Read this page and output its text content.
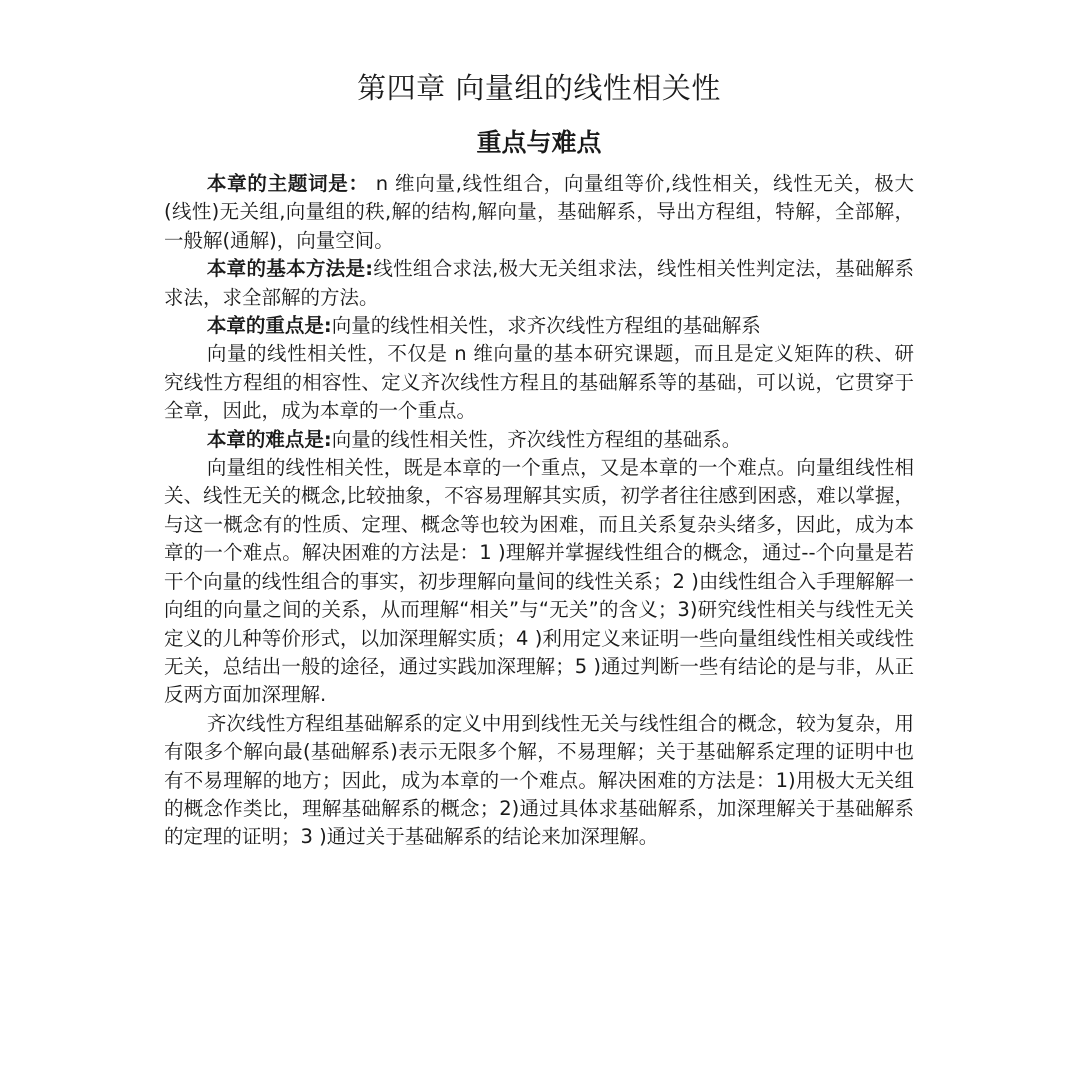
第四章 向量组的线性相关性
重点与难点

本章的主题词是： n 维向量,线性组合，向量组等价,线性相关，线性无关，极大(线性)无关组,向量组的秩,解的结构,解向量，基础解系，导出方程组，特解，全部解，一般解(通解)，向量空间。

本章的基本方法是:线性组合求法,极大无关组求法，线性相关性判定法，基础解系求法，求全部解的方法。

本章的重点是:向量的线性相关性，求齐次线性方程组的基础解系

向量的线性相关性，不仅是 n 维向量的基本研究课题，而且是定义矩阵的秩、研究线性方程组的相容性、定义齐次线性方程且的基础解系等的基础，可以说，它贯穿于全章，因此，成为本章的一个重点。

本章的难点是:向量的线性相关性，齐次线性方程组的基础系。

向量组的线性相关性，既是本章的一个重点，又是本章的一个难点。向量组线性相关、线性无关的概念,比较抽象，不容易理解其实质，初学者往往感到困惑，难以掌握，与这一概念有的性质、定理、概念等也较为困难，而且关系复杂头绪多，因此，成为本章的一个难点。解决困难的方法是：1 )理解并掌握线性组合的概念，通过--个向量是若干个向量的线性组合的事实，初步理解向量间的线性关系；2 )由线性组合入手理解解一向组的向量之间的关系，从而理解“相关”与“无关”的含义；3)研究线性相关与线性无关定义的儿种等价形式，以加深理解实质；4 )利用定义来证明一些向量组线性相关或线性无关，总结出一般的途径，通过实践加深理解；5 )通过判断一些有结论的是与非，从正反两方面加深理解.

齐次线性方程组基础解系的定义中用到线性无关与线性组合的概念，较为复杂，用有限多个解向最(基础解系)表示无限多个解，不易理解；关于基础解系定理的证明中也有不易理解的地方；因此，成为本章的一个难点。解决困难的方法是：1)用极大无关组的概念作类比，理解基础解系的概念；2)通过具体求基础解系，加深理解关于基础解系的定理的证明；3 )通过关于基础解系的结论来加深理解。
